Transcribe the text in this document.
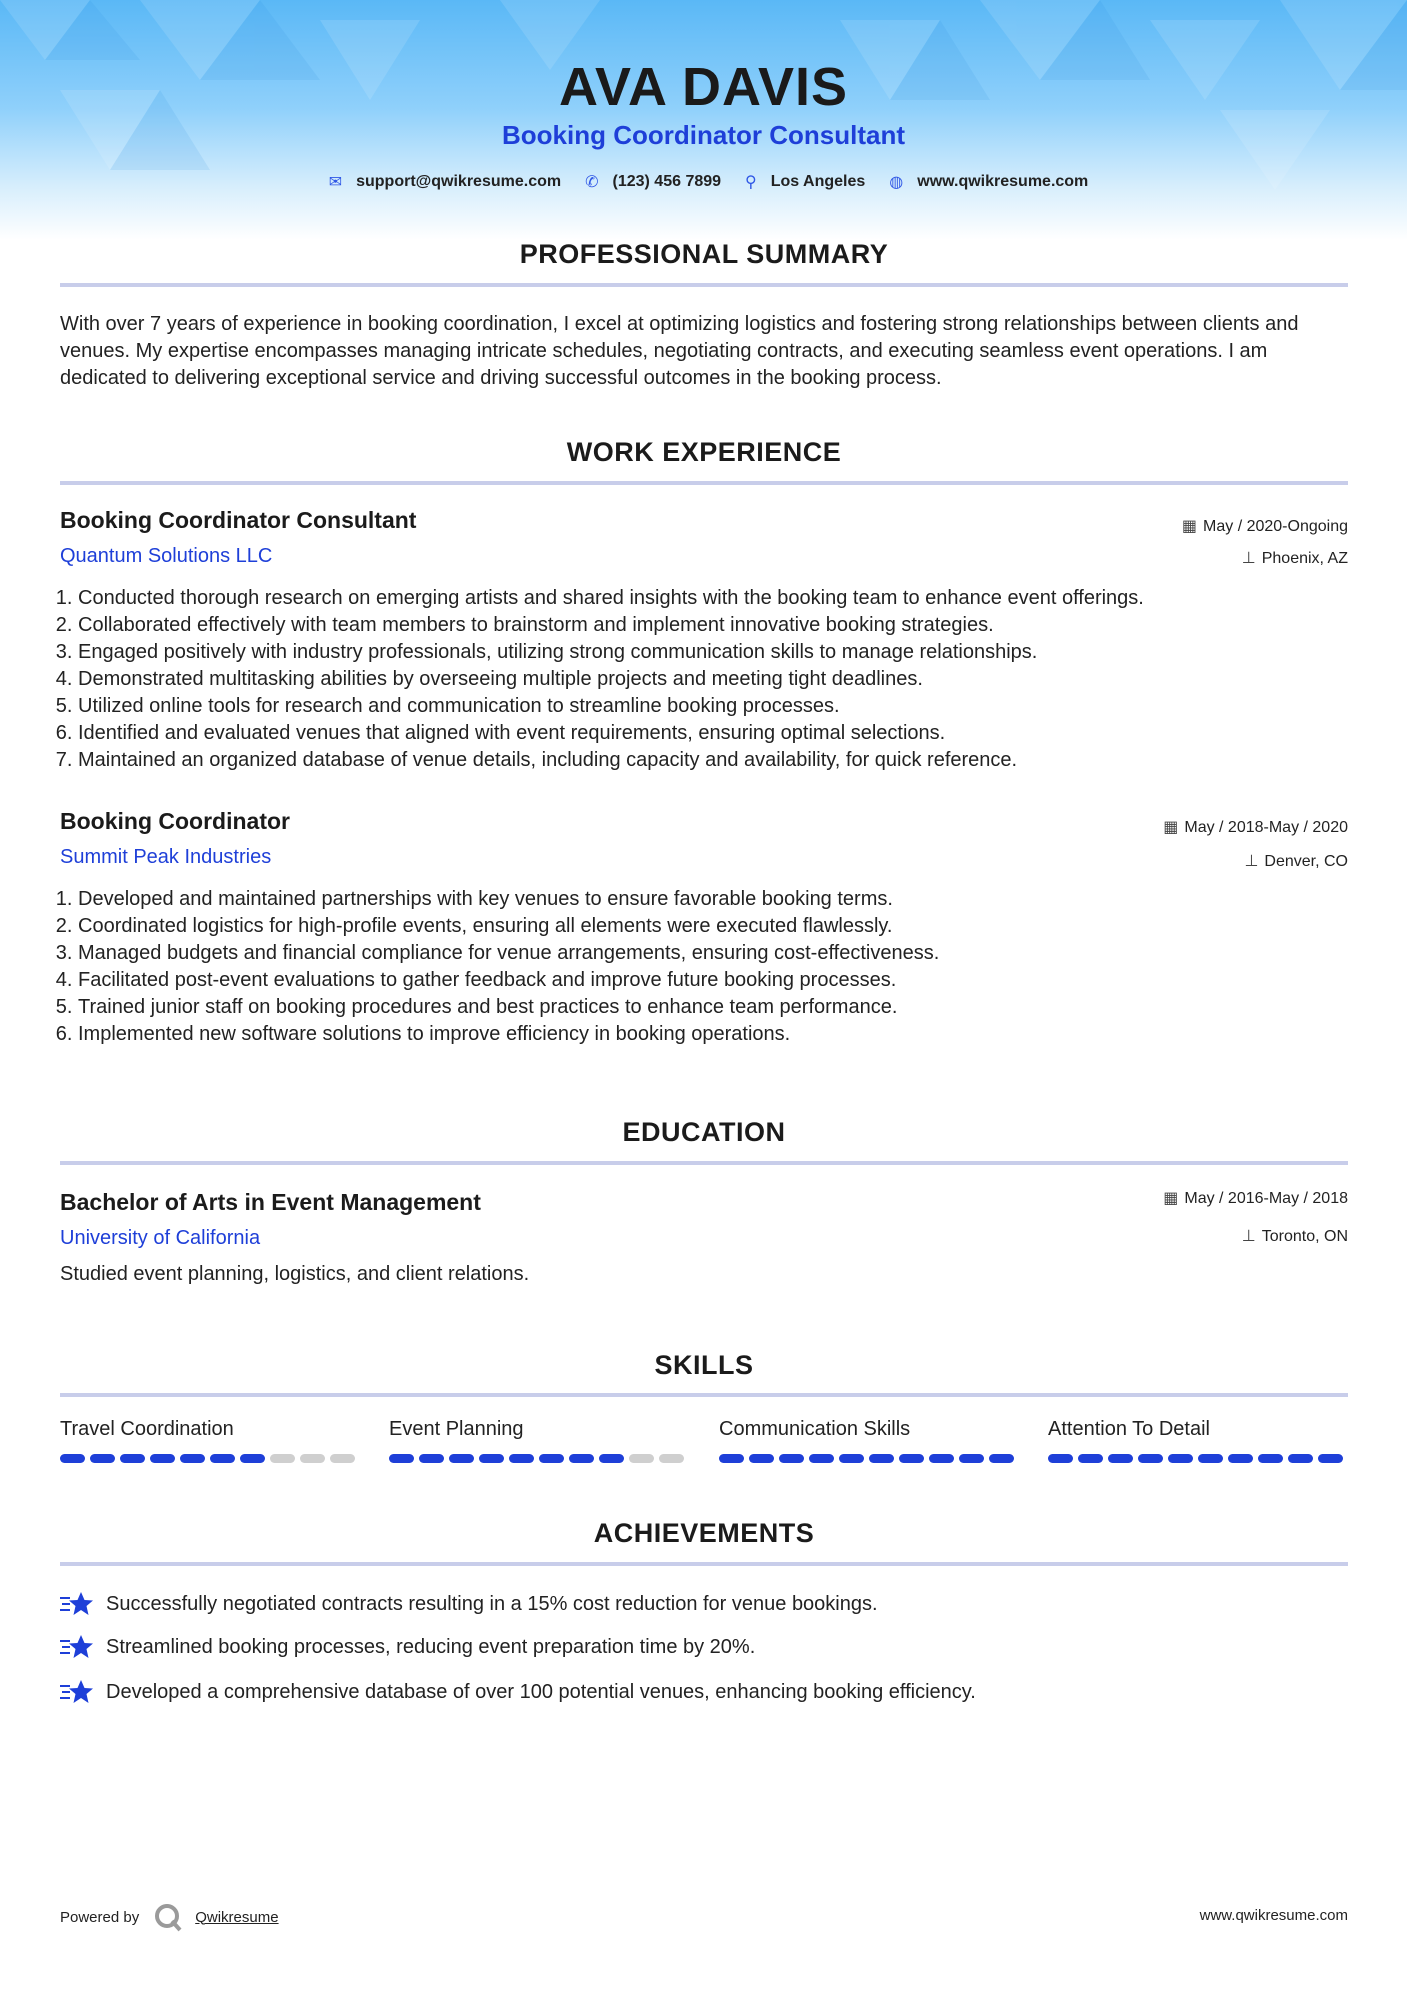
AVA DAVIS
Booking Coordinator Consultant
✉ support@qwikresume.com ✆ (123) 456 7899 ⚲ Los Angeles ◍ www.qwikresume.com
PROFESSIONAL SUMMARY
With over 7 years of experience in booking coordination, I excel at optimizing logistics and fostering strong relationships between clients and venues. My expertise encompasses managing intricate schedules, negotiating contracts, and executing seamless event operations. I am dedicated to delivering exceptional service and driving successful outcomes in the booking process.
WORK EXPERIENCE
Booking Coordinator Consultant
Quantum Solutions LLC
▦ May / 2020-Ongoing
⊥ Phoenix, AZ
1. Conducted thorough research on emerging artists and shared insights with the booking team to enhance event offerings.
2. Collaborated effectively with team members to brainstorm and implement innovative booking strategies.
3. Engaged positively with industry professionals, utilizing strong communication skills to manage relationships.
4. Demonstrated multitasking abilities by overseeing multiple projects and meeting tight deadlines.
5. Utilized online tools for research and communication to streamline booking processes.
6. Identified and evaluated venues that aligned with event requirements, ensuring optimal selections.
7. Maintained an organized database of venue details, including capacity and availability, for quick reference.
Booking Coordinator
Summit Peak Industries
▦ May / 2018-May / 2020
⊥ Denver, CO
1. Developed and maintained partnerships with key venues to ensure favorable booking terms.
2. Coordinated logistics for high-profile events, ensuring all elements were executed flawlessly.
3. Managed budgets and financial compliance for venue arrangements, ensuring cost-effectiveness.
4. Facilitated post-event evaluations to gather feedback and improve future booking processes.
5. Trained junior staff on booking procedures and best practices to enhance team performance.
6. Implemented new software solutions to improve efficiency in booking operations.
EDUCATION
Bachelor of Arts in Event Management
University of California
▦ May / 2016-May / 2018
⊥ Toronto, ON
Studied event planning, logistics, and client relations.
SKILLS
Travel Coordination	Event Planning	Communication Skills	Attention To Detail
ACHIEVEMENTS
Successfully negotiated contracts resulting in a 15% cost reduction for venue bookings.
Streamlined booking processes, reducing event preparation time by 20%.
Developed a comprehensive database of over 100 potential venues, enhancing booking efficiency.
Powered by	Qwikresume	www.qwikresume.com
